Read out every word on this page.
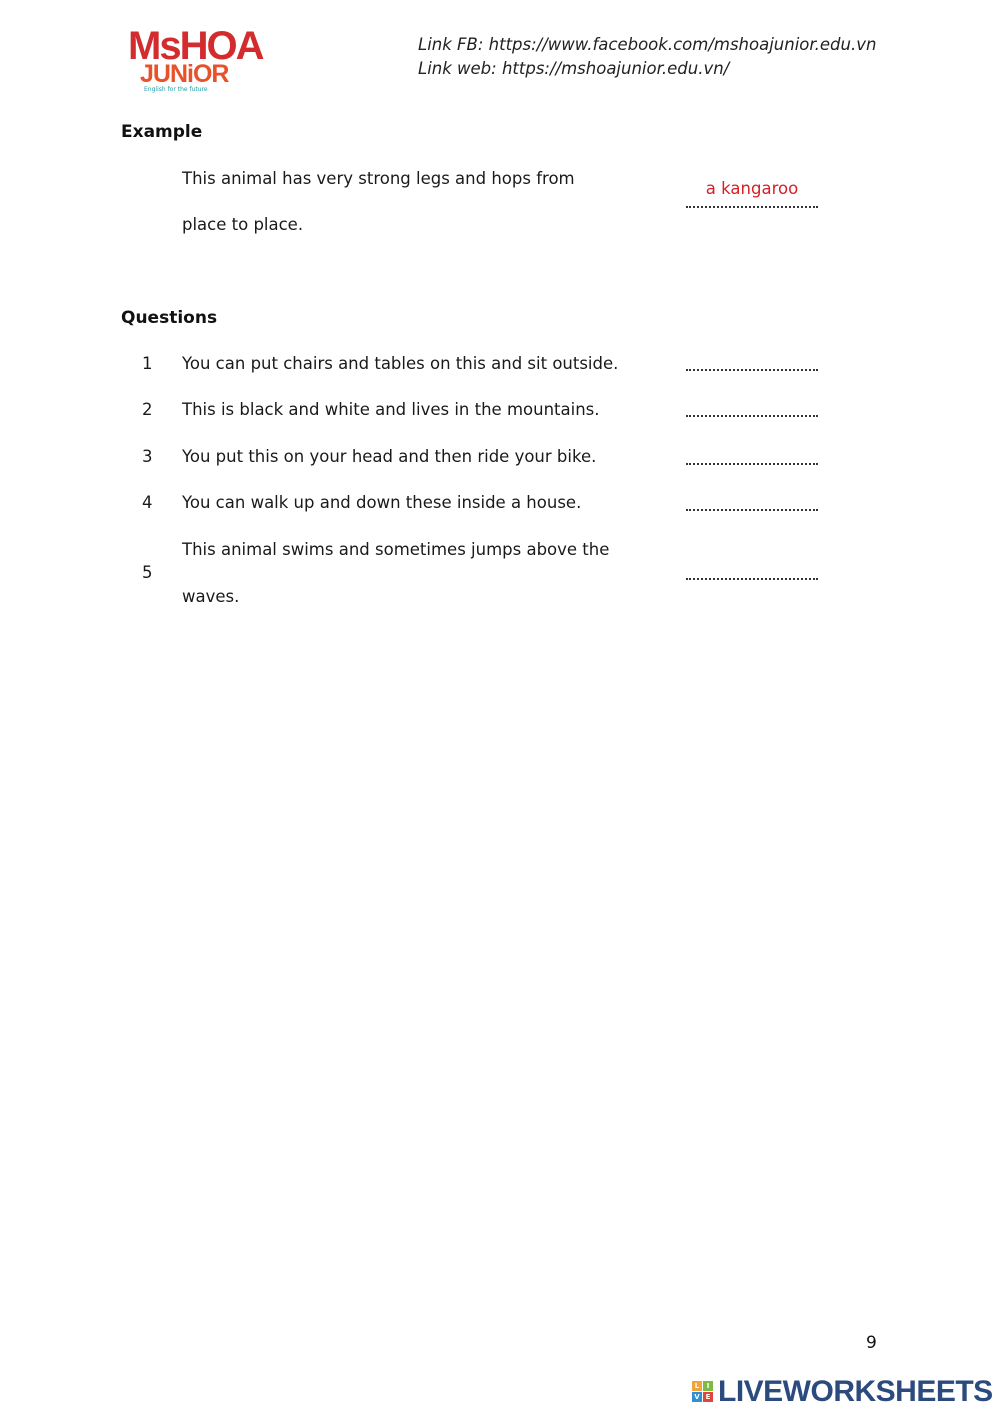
MsHOA
JUNiOR
English for the future
Link FB: https://www.facebook.com/mshoajunior.edu.vn
Link web: https://mshoajunior.edu.vn/
Example
This animal has very strong legs and hops from
place to place.
a kangaroo
Questions
1 You can put chairs and tables on this and sit outside.
2 This is black and white and lives in the mountains.
3 You put this on your head and then ride your bike.
4 You can walk up and down these inside a house.
5
This animal swims and sometimes jumps above the
waves.
9
L	I
V E LIVEWORKSHEETS
